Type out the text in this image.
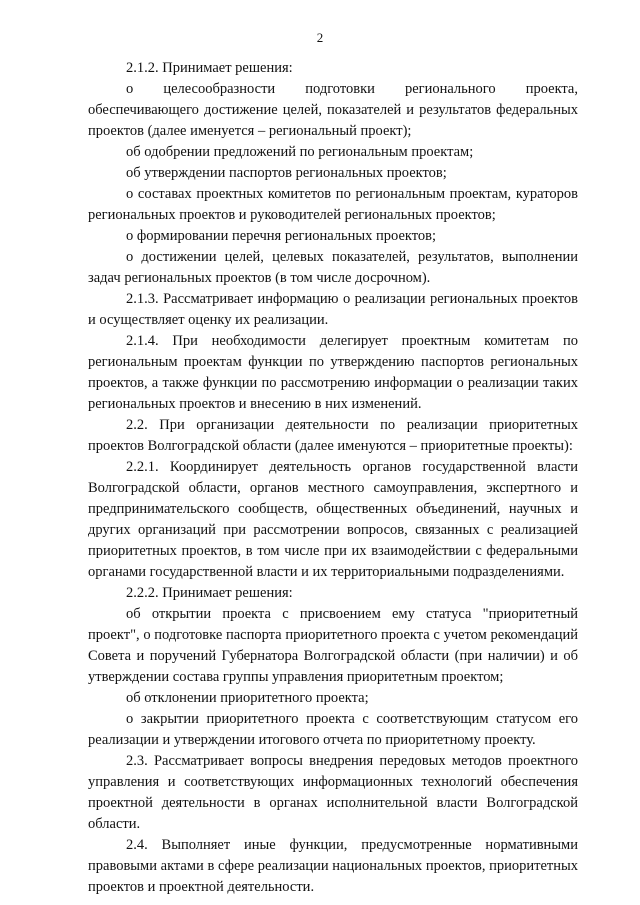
2

2.1.2. Принимает решения:

о целесообразности подготовки регионального проекта, обеспечивающего достижение целей, показателей и результатов федеральных проектов (далее именуется – региональный проект);

об одобрении предложений по региональным проектам;

об утверждении паспортов региональных проектов;

о составах проектных комитетов по региональным проектам, кураторов региональных проектов и руководителей региональных проектов;

о формировании перечня региональных проектов;

о достижении целей, целевых показателей, результатов, выполнении задач региональных проектов (в том числе досрочном).

2.1.3. Рассматривает информацию о реализации региональных проектов и осуществляет оценку их реализации.

2.1.4. При необходимости делегирует проектным комитетам по региональным проектам функции по утверждению паспортов региональных проектов, а также функции по рассмотрению информации о реализации таких региональных проектов и внесению в них изменений.

2.2. При организации деятельности по реализации приоритетных проектов Волгоградской области (далее именуются – приоритетные проекты):

2.2.1. Координирует деятельность органов государственной власти Волгоградской области, органов местного самоуправления, экспертного и предпринимательского сообществ, общественных объединений, научных и других организаций при рассмотрении вопросов, связанных с реализацией приоритетных проектов, в том числе при их взаимодействии с федеральными органами государственной власти и их территориальными подразделениями.

2.2.2. Принимает решения:

об открытии проекта с присвоением ему статуса "приоритетный проект", о подготовке паспорта приоритетного проекта с учетом рекомендаций Совета и поручений Губернатора Волгоградской области (при наличии) и об утверждении состава группы управления приоритетным проектом;

об отклонении приоритетного проекта;

о закрытии приоритетного проекта с соответствующим статусом его реализации и утверждении итогового отчета по приоритетному проекту.

2.3. Рассматривает вопросы внедрения передовых методов проектного управления и соответствующих информационных технологий обеспечения проектной деятельности в органах исполнительной власти Волгоградской области.

2.4. Выполняет иные функции, предусмотренные нормативными правовыми актами в сфере реализации национальных проектов, приоритетных проектов и проектной деятельности.
